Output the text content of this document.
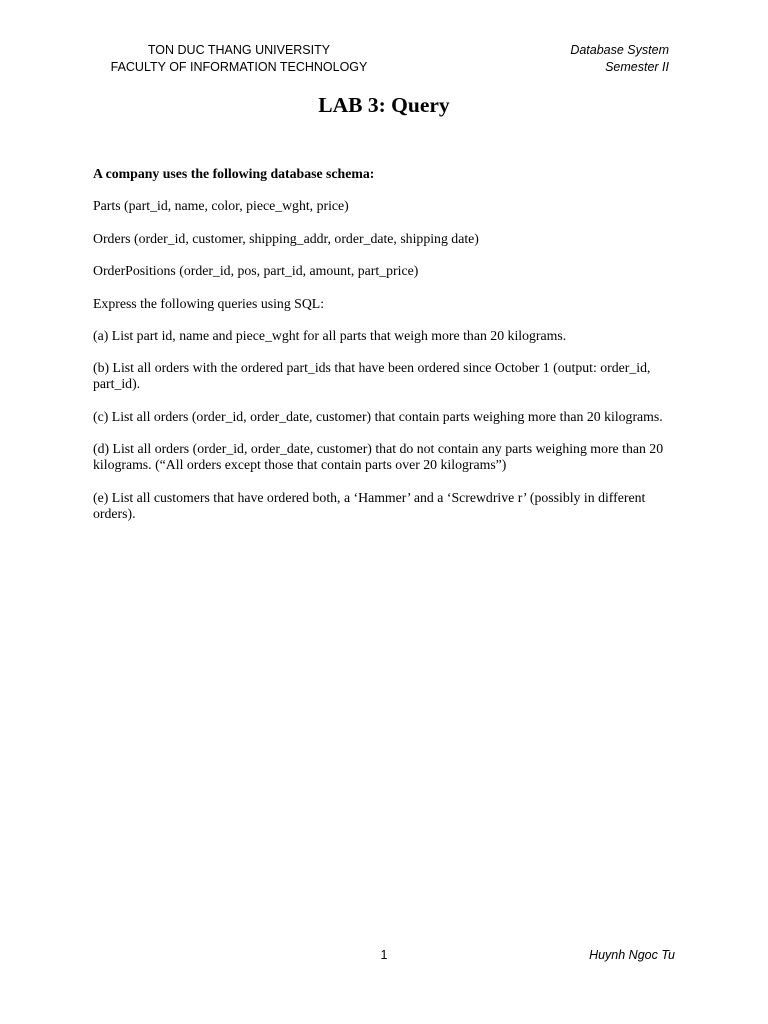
TON DUC THANG UNIVERSITY
FACULTY OF INFORMATION TECHNOLOGY
Database System
Semester II
LAB 3: Query

A company uses the following database schema:

Parts (part_id, name, color, piece_wght, price)

Orders (order_id, customer, shipping_addr, order_date, shipping date)

OrderPositions (order_id, pos, part_id, amount, part_price)

Express the following queries using SQL:

(a) List part id, name and piece_wght for all parts that weigh more than 20 kilograms.

(b) List all orders with the ordered part_ids that have been ordered since October 1 (output: order_id, part_id).

(c) List all orders (order_id, order_date, customer) that contain parts weighing more than 20 kilograms.

(d) List all orders (order_id, order_date, customer) that do not contain any parts weighing more than 20 kilograms. (“All orders except those that contain parts over 20 kilograms”)

(e) List all customers that have ordered both, a ‘Hammer’ and a ‘Screwdrive r’ (possibly in different orders).

1	Huynh Ngoc Tu
